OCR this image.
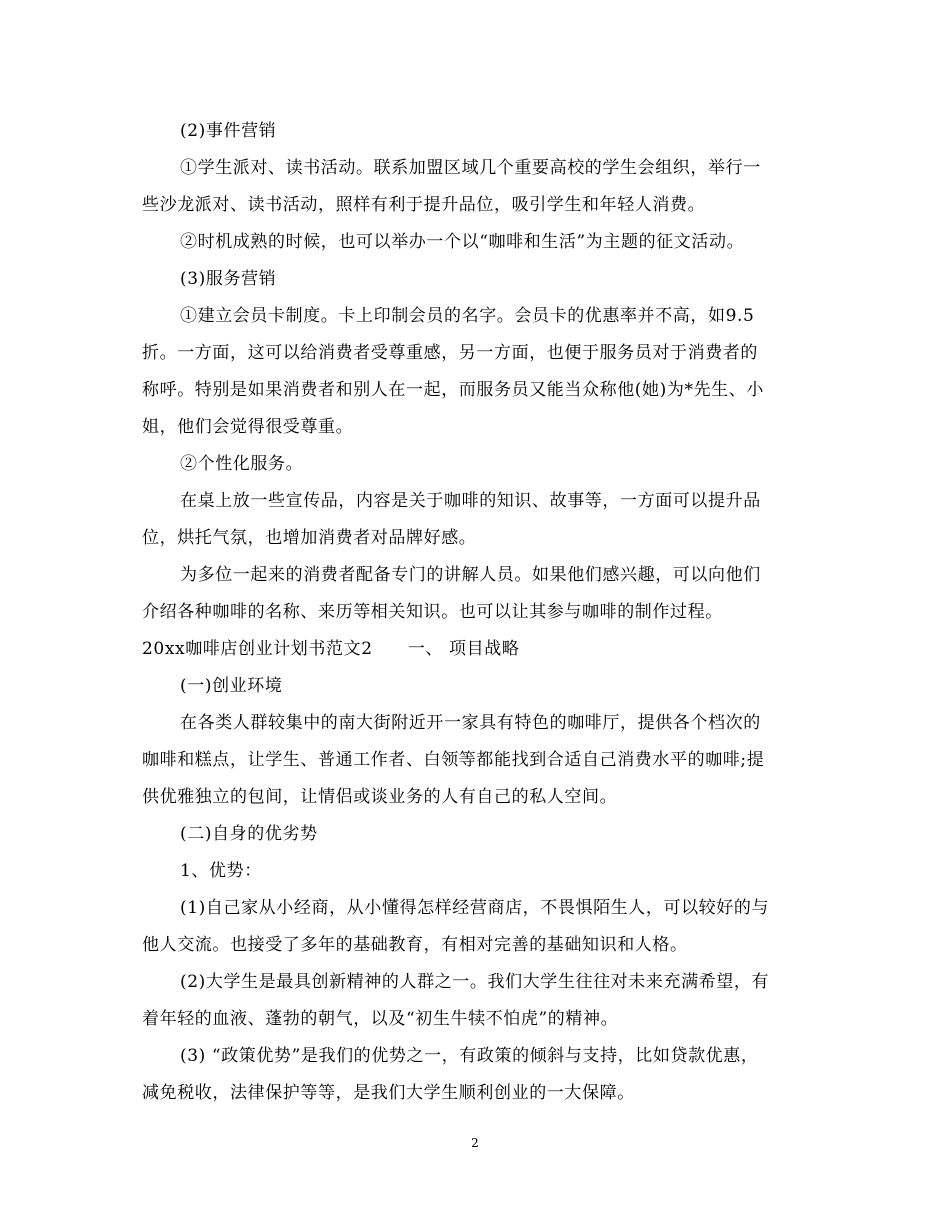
(2)事件营销
①学生派对、读书活动。联系加盟区域几个重要高校的学生会组织，举行一
些沙龙派对、读书活动，照样有利于提升品位，吸引学生和年轻人消费。
②时机成熟的时候，也可以举办一个以“咖啡和生活”为主题的征文活动。
(3)服务营销
①建立会员卡制度。卡上印制会员的名字。会员卡的优惠率并不高，如9.5
折。一方面，这可以给消费者受尊重感，另一方面，也便于服务员对于消费者的
称呼。特别是如果消费者和别人在一起，而服务员又能当众称他(她)为*先生、小
姐，他们会觉得很受尊重。
②个性化服务。
在桌上放一些宣传品，内容是关于咖啡的知识、故事等，一方面可以提升品
位，烘托气氛，也增加消费者对品牌好感。
为多位一起来的消费者配备专门的讲解人员。如果他们感兴趣，可以向他们
介绍各种咖啡的名称、来历等相关知识。也可以让其参与咖啡的制作过程。
20xx咖啡店创业计划书范文2　　一、 项目战略
(一)创业环境
在各类人群较集中的南大街附近开一家具有特色的咖啡厅，提供各个档次的
咖啡和糕点，让学生、普通工作者、白领等都能找到合适自己消费水平的咖啡;提
供优雅独立的包间，让情侣或谈业务的人有自己的私人空间。
(二)自身的优劣势
1、优势：
(1)自己家从小经商，从小懂得怎样经营商店，不畏惧陌生人，可以较好的与
他人交流。也接受了多年的基础教育，有相对完善的基础知识和人格。
(2)大学生是最具创新精神的人群之一。我们大学生往往对未来充满希望，有
着年轻的血液、蓬勃的朝气，以及“初生牛犊不怕虎”的精神。
(3) “政策优势”是我们的优势之一，有政策的倾斜与支持，比如贷款优惠，
减免税收，法律保护等等，是我们大学生顺利创业的一大保障。
2
